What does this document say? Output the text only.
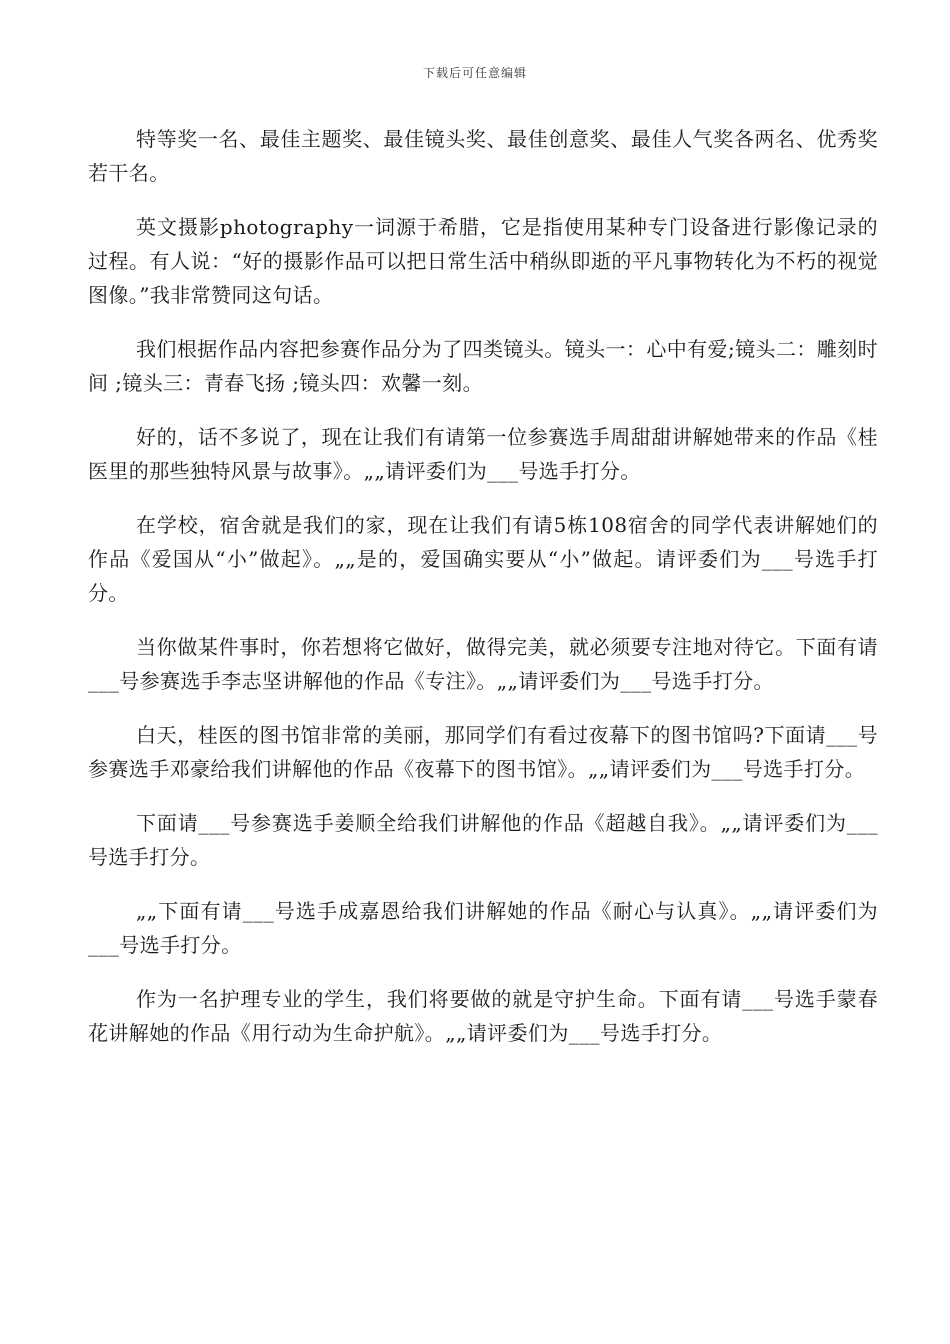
下载后可任意编辑

特等奖一名、最佳主题奖、最佳镜头奖、最佳创意奖、最佳人气奖各两名、优秀奖若干名。

英文摄影photography一词源于希腊，它是指使用某种专门设备进行影像记录的过程。有人说：“好的摄影作品可以把日常生活中稍纵即逝的平凡事物转化为不朽的视觉图像。”我非常赞同这句话。

我们根据作品内容把参赛作品分为了四类镜头。镜头一：心中有爱;镜头二：雕刻时间 ;镜头三：青春飞扬 ;镜头四：欢馨一刻。

好的，话不多说了，现在让我们有请第一位参赛选手周甜甜讲解她带来的作品《桂医里的那些独特风景与故事》。„„请评委们为___号选手打分。

在学校，宿舍就是我们的家，现在让我们有请5栋108宿舍的同学代表讲解她们的作品《爱国从“小”做起》。„„是的，爱国确实要从“小”做起。请评委们为___号选手打分。

当你做某件事时，你若想将它做好，做得完美，就必须要专注地对待它。下面有请___号参赛选手李志坚讲解他的作品《专注》。„„请评委们为___号选手打分。

白天，桂医的图书馆非常的美丽，那同学们有看过夜幕下的图书馆吗?下面请___号参赛选手邓豪给我们讲解他的作品《夜幕下的图书馆》。„„请评委们为___号选手打分。

下面请___号参赛选手姜顺全给我们讲解他的作品《超越自我》。„„请评委们为___号选手打分。

„„下面有请___号选手成嘉恩给我们讲解她的作品《耐心与认真》。„„请评委们为___号选手打分。

作为一名护理专业的学生，我们将要做的就是守护生命。下面有请___号选手蒙春花讲解她的作品《用行动为生命护航》。„„请评委们为___号选手打分。
